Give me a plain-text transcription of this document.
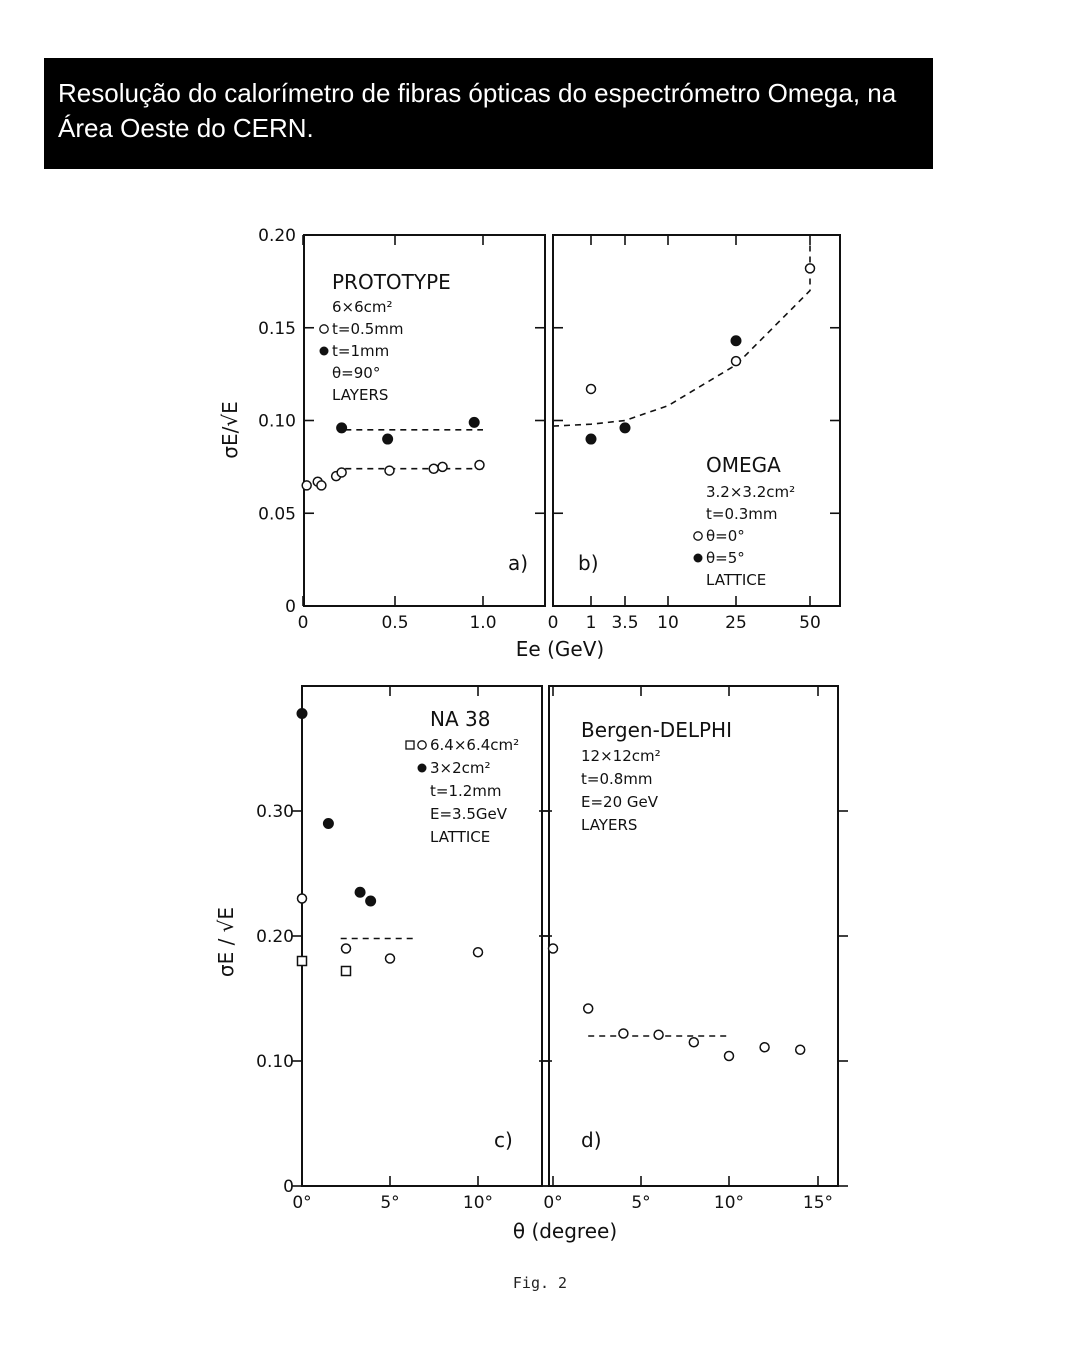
Resolução do calorímetro de fibras ópticas do espectrómetro Omega, na
Área Oeste do CERN.
σE/√E
Ee (GeV)
σE / √E
θ (degree)
0	0.5	1.0
0
0.05
0.10
0.15
0.20
PROTOTYPE
6×6cm²
t=0.5mm
t=1mm
θ=90°
LAYERS
a)
0 1 3.5 10	25	50
OMEGA
3.2×3.2cm²
t=0.3mm
θ=0°
θ=5°
LATTICE
b)
0°	5°	10°
0
0.10
0.20
0.30
NA 38
6.4×6.4cm²
3×2cm²
t=1.2mm
E=3.5GeV
LATTICE
c)
0°	5°	10°	15°
Bergen-DELPHI
12×12cm²
t=0.8mm
E=20 GeV
LAYERS
d)
Fig. 2
